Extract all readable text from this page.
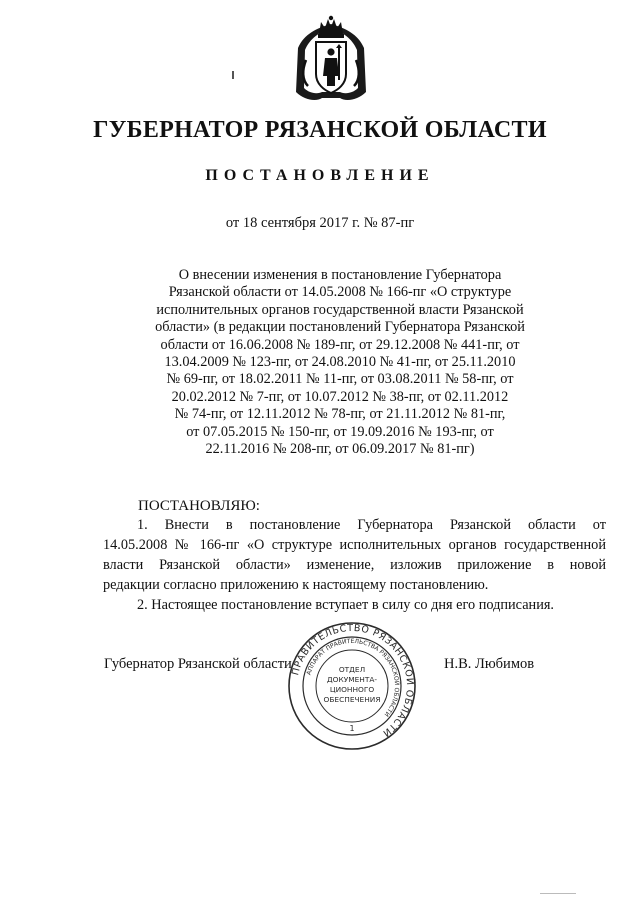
ГУБЕРНАТОР РЯЗАНСКОЙ ОБЛАСТИ
ПОСТАНОВЛЕНИЕ
от 18 сентября 2017 г. № 87-пг
О внесении изменения в постановление Губернатора
Рязанской области от 14.05.2008 № 166-пг «О структуре
исполнительных органов государственной власти Рязанской
области» (в редакции постановлений Губернатора Рязанской
области от 16.06.2008 № 189-пг, от 29.12.2008 № 441-пг, от
13.04.2009 № 123-пг, от 24.08.2010 № 41-пг, от 25.11.2010
№ 69-пг, от 18.02.2011 № 11-пг, от 03.08.2011 № 58-пг, от
20.02.2012 № 7-пг, от 10.07.2012 № 38-пг, от 02.11.2012
№ 74-пг, от 12.11.2012 № 78-пг, от 21.11.2012 № 81-пг,
от 07.05.2015 № 150-пг, от 19.09.2016 № 193-пг, от
22.11.2016 № 208-пг, от 06.09.2017 № 81-пг)
ПОСТАНОВЛЯЮ:
1. Внести в постановление Губернатора Рязанской области от
14.05.2008 № 166-пг «О структуре исполнительных органов государственной
власти Рязанской области» изменение, изложив приложение в новой
редакции согласно приложению к настоящему постановлению.
2. Настоящее постановление вступает в силу со дня его подписания.
Губернатор Рязанской области	Н.В. Любимов
ПРАВИТЕЛЬСТВО РЯЗАНСКОЙ ОБЛАСТИ
АППАРАТ ПРАВИТЕЛЬСТВА РЯЗАНСКОЙ ОБЛАСТИ
ОТДЕЛ
ДОКУМЕНТА-
ЦИОННОГО
ОБЕСПЕЧЕНИЯ
1
